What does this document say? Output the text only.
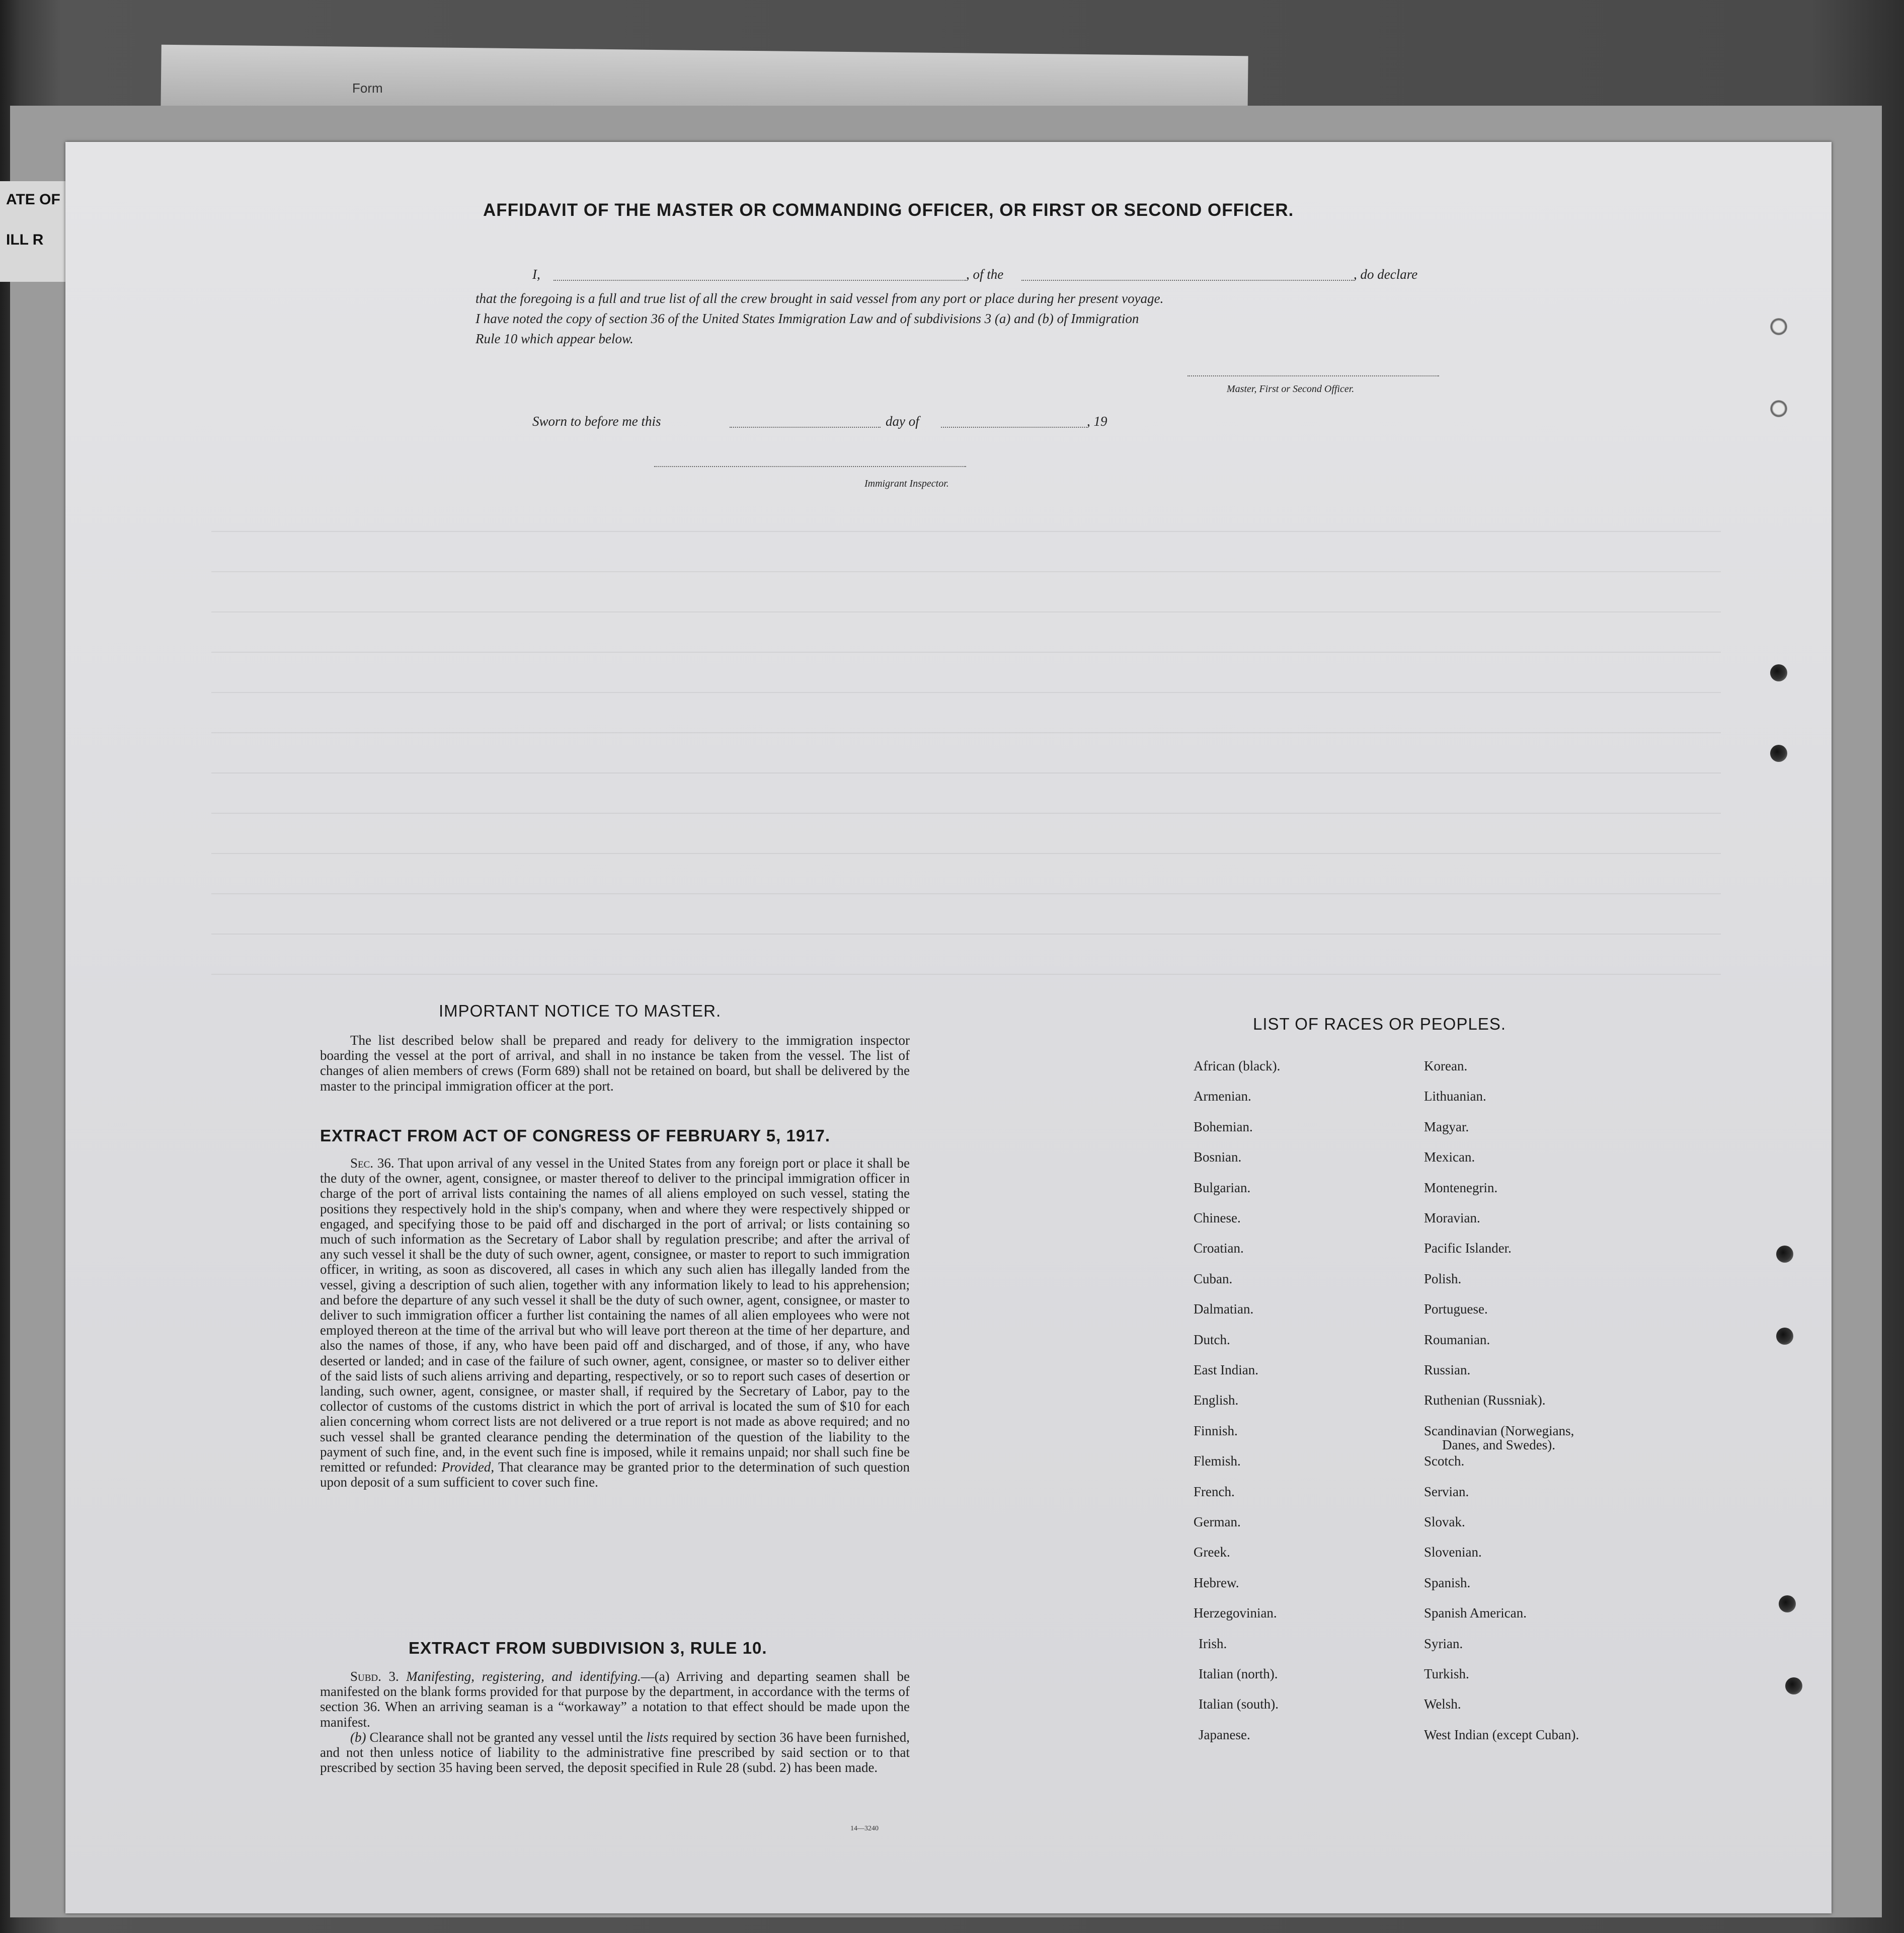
Form
ATE OF
ILL R
AFFIDAVIT OF THE MASTER OR COMMANDING OFFICER, OR FIRST OR SECOND OFFICER.
I,	, of the	, do declare
that the foregoing is a full and true list of all the crew brought in said vessel from any port or place during her present voyage.
I have noted the copy of section 36 of the United States Immigration Law and of subdivisions 3 (a) and (b) of Immigration
Rule 10 which appear below.
Master, First or Second Officer.
Sworn to before me this	day of	, 19
Immigrant Inspector.
IMPORTANT NOTICE TO MASTER.
The list described below shall be prepared and ready for delivery to the immigration inspector boarding the vessel at the port of arrival, and shall in no instance be taken from the vessel. The list of changes of alien members of crews (Form 689) shall not be retained on board, but shall be delivered by the master to the principal immigration officer at the port.
EXTRACT FROM ACT OF CONGRESS OF FEBRUARY 5, 1917.
Sec. 36. That upon arrival of any vessel in the United States from any foreign port or place it shall be the duty of the owner, agent, consignee, or master thereof to deliver to the principal immigration officer in charge of the port of arrival lists containing the names of all aliens employed on such vessel, stating the positions they respectively hold in the ship's company, when and where they were respectively shipped or engaged, and specifying those to be paid off and discharged in the port of arrival; or lists containing so much of such information as the Secretary of Labor shall by regulation prescribe; and after the arrival of any such vessel it shall be the duty of such owner, agent, consignee, or master to report to such immigration officer, in writing, as soon as discovered, all cases in which any such alien has illegally landed from the vessel, giving a description of such alien, together with any information likely to lead to his apprehension; and before the departure of any such vessel it shall be the duty of such owner, agent, consignee, or master to deliver to such immigration officer a further list containing the names of all alien employees who were not employed thereon at the time of the arrival but who will leave port thereon at the time of her departure, and also the names of those, if any, who have been paid off and discharged, and of those, if any, who have deserted or landed; and in case of the failure of such owner, agent, consignee, or master so to deliver either of the said lists of such aliens arriving and departing, respectively, or so to report such cases of desertion or landing, such owner, agent, consignee, or master shall, if required by the Secretary of Labor, pay to the collector of customs of the customs district in which the port of arrival is located the sum of $10 for each alien concerning whom correct lists are not delivered or a true report is not made as above required; and no such vessel shall be granted clearance pending the determination of the question of the liability to the payment of such fine, and, in the event such fine is imposed, while it remains unpaid; nor shall such fine be remitted or refunded: Provided, That clearance may be granted prior to the determination of such question upon deposit of a sum sufficient to cover such fine.
EXTRACT FROM SUBDIVISION 3, RULE 10.
Subd. 3. Manifesting, registering, and identifying.—(a) Arriving and departing seamen shall be manifested on the blank forms provided for that purpose by the department, in accordance with the terms of section 36. When an arriving seaman is a “workaway” a notation to that effect should be made upon the manifest.
(b) Clearance shall not be granted any vessel until the lists required by section 36 have been furnished, and not then unless notice of liability to the administrative fine prescribed by said section or to that prescribed by section 35 having been served, the deposit specified in Rule 28 (subd. 2) has been made.
14—3240
LIST OF RACES OR PEOPLES.
African (black).
Armenian.
Bohemian.
Bosnian.
Bulgarian.
Chinese.
Croatian.
Cuban.
Dalmatian.
Dutch.
East Indian.
English.
Finnish.
Flemish.
French.
German.
Greek.
Hebrew.
Herzegovinian.
Irish.
Italian (north).
Italian (south).
Japanese.
Korean.
Lithuanian.
Magyar.
Mexican.
Montenegrin.
Moravian.
Pacific Islander.
Polish.
Portuguese.
Roumanian.
Russian.
Ruthenian (Russniak).
Scandinavian (Norwegians,
Danes, and Swedes).
Scotch.
Servian.
Slovak.
Slovenian.
Spanish.
Spanish American.
Syrian.
Turkish.
Welsh.
West Indian (except Cuban).
